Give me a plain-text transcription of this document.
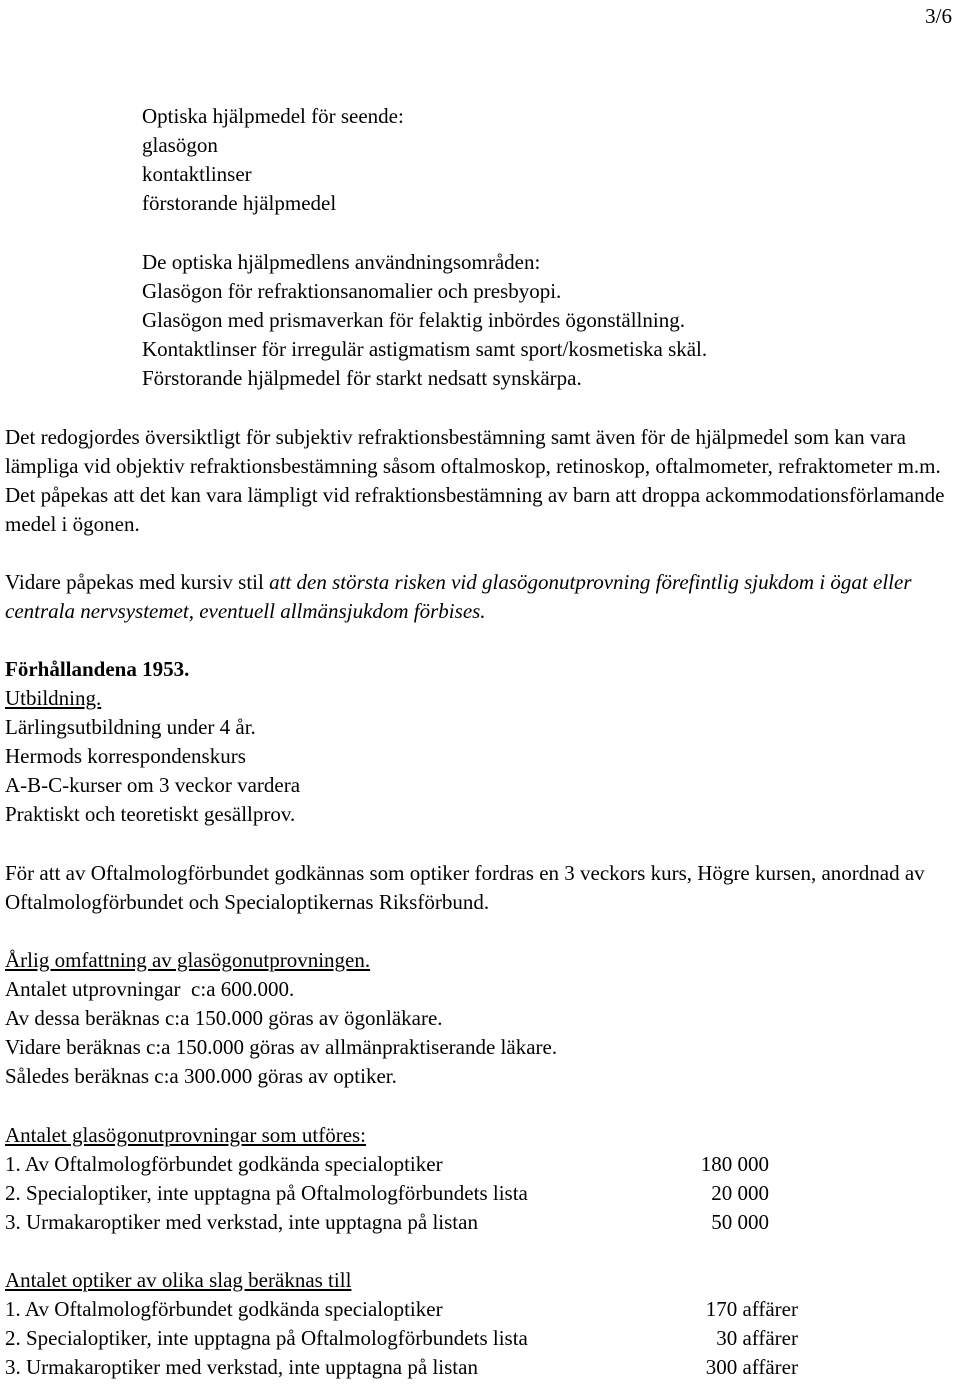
3/6
Optiska hjälpmedel för seende:
glasögon
kontaktlinser
förstorande hjälpmedel
De optiska hjälpmedlens användningsområden:
Glasögon för refraktionsanomalier och presbyopi.
Glasögon med prismaverkan för felaktig inbördes ögonställning.
Kontaktlinser för irregulär astigmatism samt sport/kosmetiska skäl.
Förstorande hjälpmedel för starkt nedsatt synskärpa.
Det redogjordes översiktligt för subjektiv refraktionsbestämning samt även för de hjälpmedel som kan vara lämpliga vid objektiv refraktionsbestämning såsom oftalmoskop, retinoskop, oftalmometer, refraktometer m.m. Det påpekas att det kan vara lämpligt vid refraktionsbestämning av barn att droppa ackommodationsförlamande medel i ögonen.
Vidare påpekas med kursiv stil att den största risken vid glasögonutprovning förefintlig sjukdom i ögat eller centrala nervsystemet, eventuell allmänsjukdom förbises.
Förhållandena 1953.
Utbildning.
Lärlingsutbildning under 4 år.
Hermods korrespondenskurs
A-B-C-kurser om 3 veckor vardera
Praktiskt och teoretiskt gesällprov.
För att av Oftalmologförbundet godkännas som optiker fordras en 3 veckors kurs, Högre kursen, anordnad av Oftalmologförbundet och Specialoptikernas Riksförbund.
Årlig omfattning av glasögonutprovningen.
Antalet utprovningar  c:a 600.000.
Av dessa beräknas c:a 150.000 göras av ögonläkare.
Vidare beräknas c:a 150.000 göras av allmänpraktiserande läkare.
Således beräknas c:a 300.000 göras av optiker.
Antalet glasögonutprovningar som utföres:
1. Av Oftalmologförbundet godkända specialoptiker	180 000
2. Specialoptiker, inte upptagna på Oftalmologförbundets lista	20 000
3. Urmakaroptiker med verkstad, inte upptagna på listan	50 000
Antalet optiker av olika slag beräknas till
1. Av Oftalmologförbundet godkända specialoptiker	170 affärer
2. Specialoptiker, inte upptagna på Oftalmologförbundets lista	30 affärer
3. Urmakaroptiker med verkstad, inte upptagna på listan	300 affärer
